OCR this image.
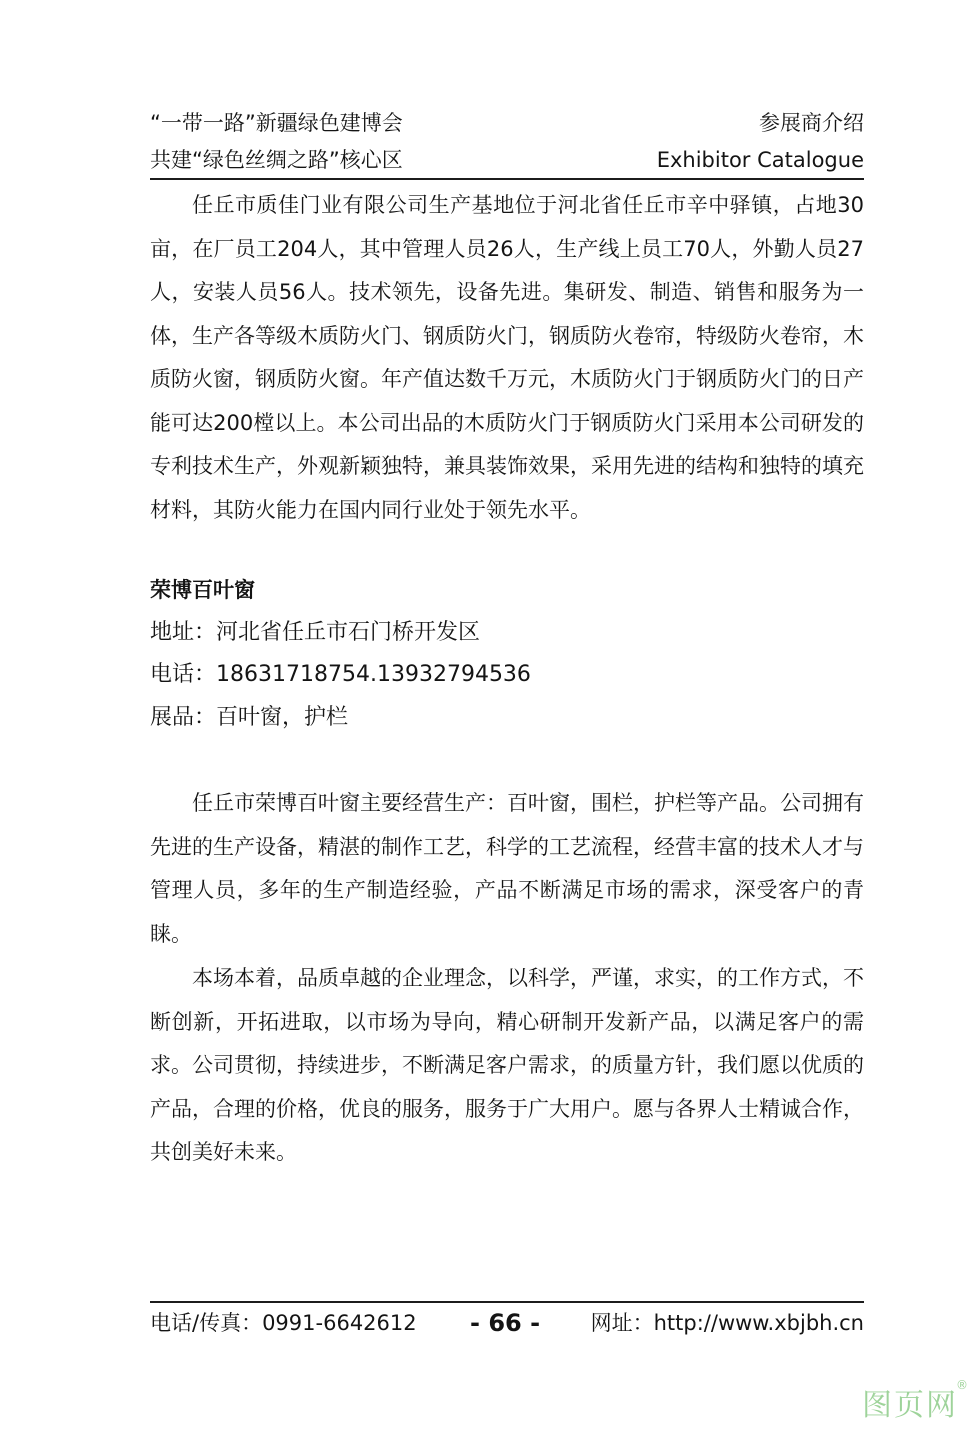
“一带一路”新疆绿色建博会	参展商介绍
共建“绿色丝绸之路”核心区	Exhibitor Catalogue

任丘市质佳门业有限公司生产基地位于河北省任丘市辛中驿镇，占地30亩，在厂员工204人，其中管理人员26人，生产线上员工70人，外勤人员27人，安装人员56人。技术领先，设备先进。集研发、制造、销售和服务为一体，生产各等级木质防火门、钢质防火门，钢质防火卷帘，特级防火卷帘，木质防火窗，钢质防火窗。年产值达数千万元，木质防火门于钢质防火门的日产能可达200樘以上。本公司出品的木质防火门于钢质防火门采用本公司研发的专利技术生产，外观新颖独特，兼具装饰效果，采用先进的结构和独特的填充材料，其防火能力在国内同行业处于领先水平。

荣博百叶窗
地址：河北省任丘市石门桥开发区
电话：18631718754.13932794536
展品：百叶窗，护栏

任丘市荣博百叶窗主要经营生产：百叶窗，围栏，护栏等产品。公司拥有先进的生产设备，精湛的制作工艺，科学的工艺流程，经营丰富的技术人才与管理人员，多年的生产制造经验，产品不断满足市场的需求，深受客户的青睐。

本场本着，品质卓越的企业理念，以科学，严谨，求实，的工作方式，不断创新，开拓进取，以市场为导向，精心研制开发新产品，以满足客户的需求。公司贯彻，持续进步，不断满足客户需求，的质量方针，我们愿以优质的产品，合理的价格，优良的服务，服务于广大用户。愿与各界人士精诚合作，共创美好未来。

电话/传真：0991-6642612 - 66 - 网址：http://www.xbjbh.cn
图页网
®
